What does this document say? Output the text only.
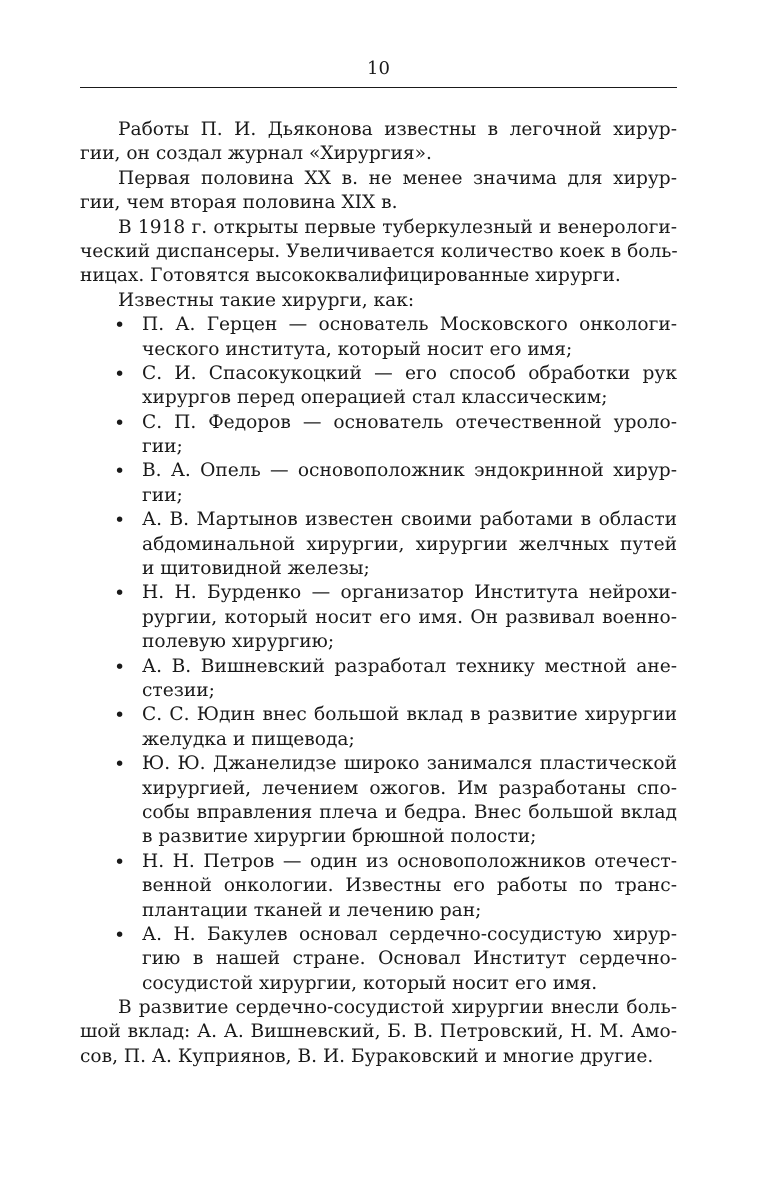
10
Работы П. И. Дьяконова известны в легочной хирур-
гии, он создал журнал «Хирургия».
Первая половина XX в. не менее значима для хирур-
гии, чем вторая половина XIX в.
В 1918 г. открыты первые туберкулезный и венерологи-
ческий диспансеры. Увеличивается количество коек в боль-
ницах. Готовятся высококвалифицированные хирурги.
Известны такие хирурги, как:
• П. А. Герцен — основатель Московского онкологи-
ческого института, который носит его имя;
• С. И. Спасокукоцкий — его способ обработки рук
хирургов перед операцией стал классическим;
• С. П. Федоров — основатель отечественной уроло-
гии;
• В. А. Опель — основоположник эндокринной хирур-
гии;
• А. В. Мартынов известен своими работами в области
абдоминальной хирургии, хирургии желчных путей
и щитовидной железы;
• Н. Н. Бурденко — организатор Института нейрохи-
рургии, который носит его имя. Он развивал военно-
полевую хирургию;
• А. В. Вишневский разработал технику местной ане-
стезии;
• С. С. Юдин внес большой вклад в развитие хирургии
желудка и пищевода;
• Ю. Ю. Джанелидзе широко занимался пластической
хирургией, лечением ожогов. Им разработаны спо-
собы вправления плеча и бедра. Внес большой вклад
в развитие хирургии брюшной полости;
• Н. Н. Петров — один из основоположников отечест-
венной онкологии. Известны его работы по транс-
плантации тканей и лечению ран;
• А. Н. Бакулев основал сердечно-сосудистую хирур-
гию в нашей стране. Основал Институт сердечно-
сосудистой хирургии, который носит его имя.
В развитие сердечно-сосудистой хирургии внесли боль-
шой вклад: А. А. Вишневский, Б. В. Петровский, Н. М. Амо-
сов, П. А. Куприянов, В. И. Бураковский и многие другие.
